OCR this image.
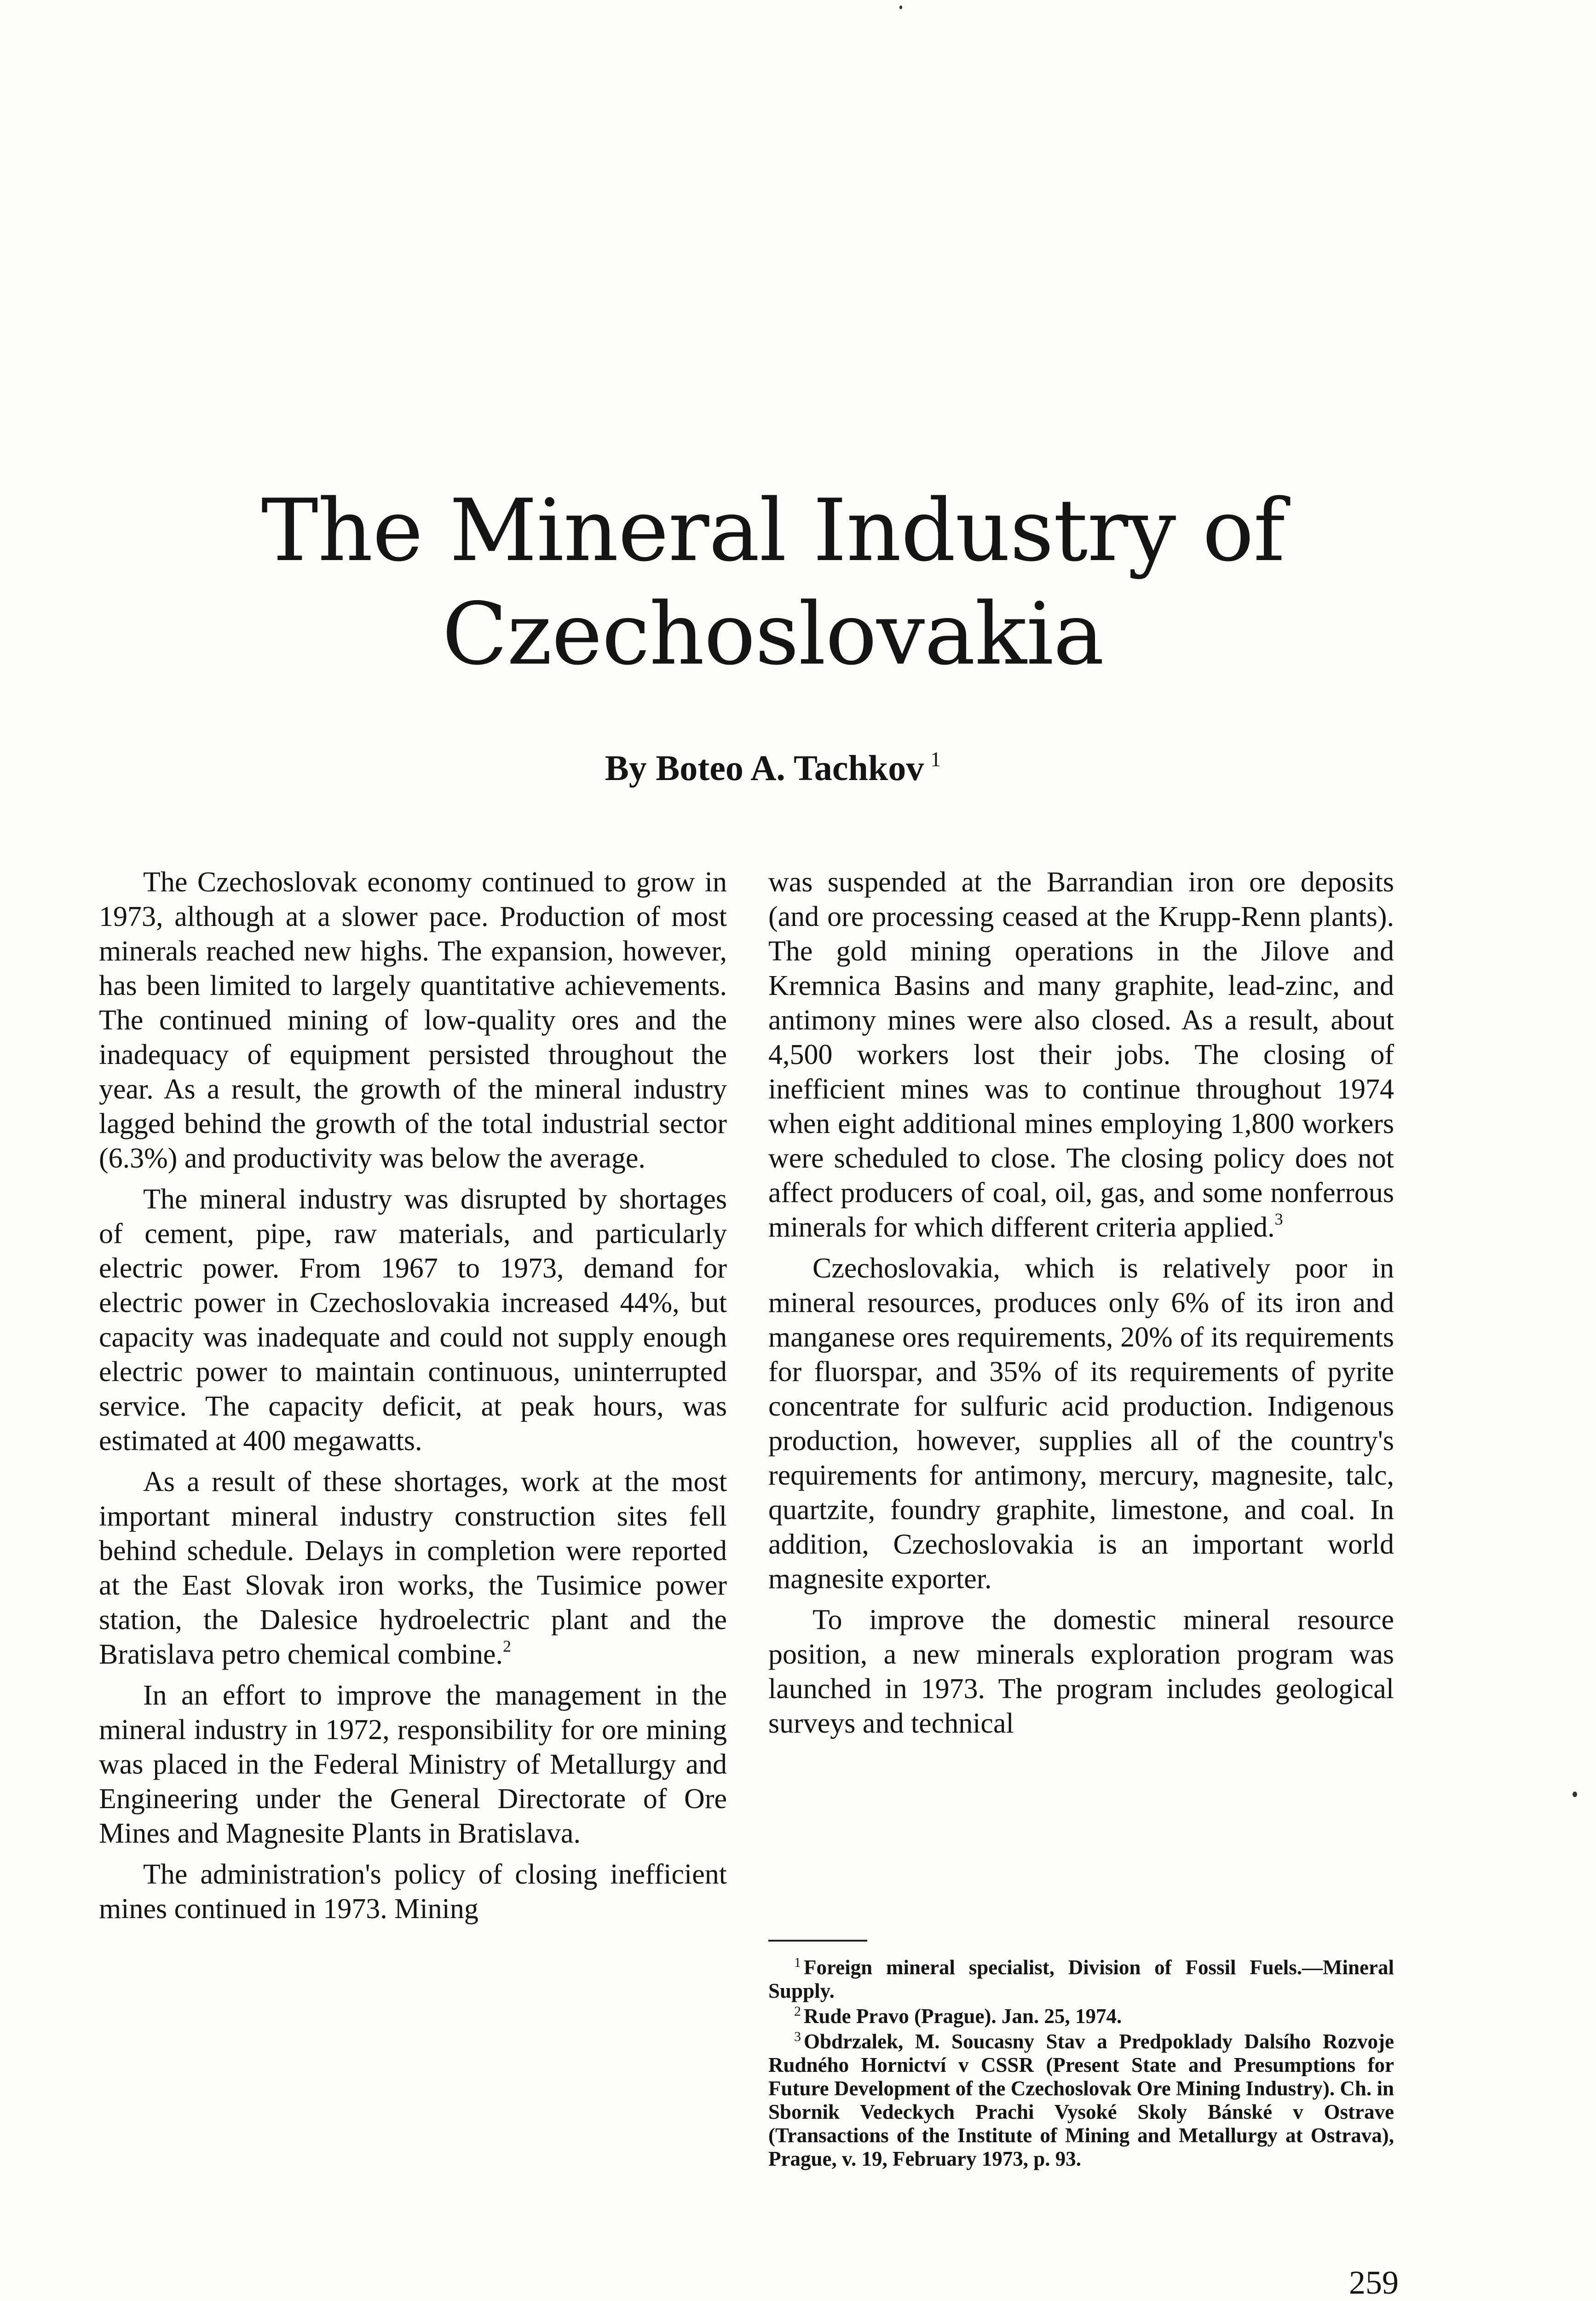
The Mineral Industry of
Czechoslovakia
By Boteo A. Tachkov $^1$

The Czechoslovak economy continued to grow in 1973, although at a slower pace. Production of most minerals reached new highs. The expansion, however, has been limited to largely quantitative achievements. The continued mining of low-quality ores and the inadequacy of equipment persisted throughout the year. As a result, the growth of the mineral industry lagged behind the growth of the total industrial sector (6.3%) and productivity was below the average.

The mineral industry was disrupted by shortages of cement, pipe, raw materials, and particularly electric power. From 1967 to 1973, demand for electric power in Czechoslovakia increased 44%, but capacity was inadequate and could not supply enough electric power to maintain continuous, uninterrupted service. The capacity deficit, at peak hours, was estimated at 400 megawatts.

As a result of these shortages, work at the most important mineral industry construction sites fell behind schedule. Delays in completion were reported at the East Slovak iron works, the Tusimice power station, the Dalesice hydroelectric plant and the Bratislava petro chemical combine.$^2$

In an effort to improve the management in the mineral industry in 1972, responsibility for ore mining was placed in the Federal Ministry of Metallurgy and Engineering under the General Directorate of Ore Mines and Magnesite Plants in Bratislava.

The administration's policy of closing inefficient mines continued in 1973. Mining

was suspended at the Barrandian iron ore deposits (and ore processing ceased at the Krupp-Renn plants). The gold mining operations in the Jilove and Kremnica Basins and many graphite, lead-zinc, and antimony mines were also closed. As a result, about 4,500 workers lost their jobs. The closing of inefficient mines was to continue throughout 1974 when eight additional mines employing 1,800 workers were scheduled to close. The closing policy does not affect producers of coal, oil, gas, and some nonferrous minerals for which different criteria applied.$^3$

Czechoslovakia, which is relatively poor in mineral resources, produces only 6% of its iron and manganese ores requirements, 20% of its requirements for fluorspar, and 35% of its requirements of pyrite concentrate for sulfuric acid production. Indigenous production, however, supplies all of the country's requirements for antimony, mercury, magnesite, talc, quartzite, foundry graphite, limestone, and coal. In addition, Czechoslovakia is an important world magnesite exporter.

To improve the domestic mineral resource position, a new minerals exploration program was launched in 1973. The program includes geological surveys and technical

$^1$ Foreign mineral specialist, Division of Fossil Fuels.—Mineral Supply.

$^2$ Rude Pravo (Prague). Jan. 25, 1974.

$^3$ Obdrzalek, M. Soucasny Stav a Predpoklady Dalsího Rozvoje Rudného Hornictví v CSSR (Present State and Presumptions for Future Development of the Czechoslovak Ore Mining Industry). Ch. in Sbornik Vedeckych Prachi Vysoké Skoly Bánské v Ostrave (Transactions of the Institute of Mining and Metallurgy at Ostrava), Prague, v. 19, February 1973, p. 93.

259
